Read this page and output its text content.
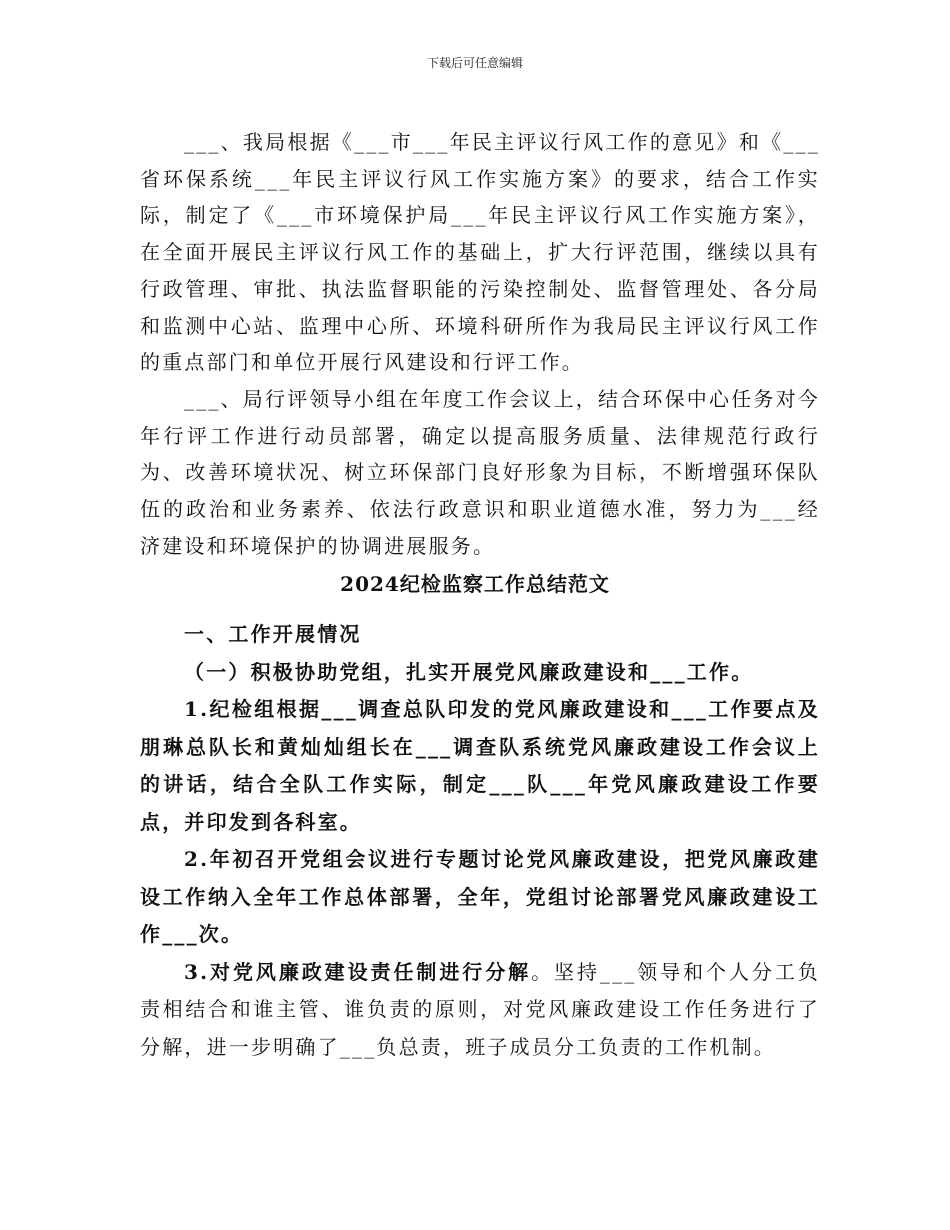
下载后可任意编辑

___、我局根据《___市___年民主评议行风工作的意见》和《___省环保系统___年民主评议行风工作实施方案》的要求，结合工作实际，制定了《___市环境保护局___年民主评议行风工作实施方案》，在全面开展民主评议行风工作的基础上，扩大行评范围，继续以具有行政管理、审批、执法监督职能的污染控制处、监督管理处、各分局和监测中心站、监理中心所、环境科研所作为我局民主评议行风工作的重点部门和单位开展行风建设和行评工作。

___、局行评领导小组在年度工作会议上，结合环保中心任务对今年行评工作进行动员部署，确定以提高服务质量、法律规范行政行为、改善环境状况、树立环保部门良好形象为目标，不断增强环保队伍的政治和业务素养、依法行政意识和职业道德水准，努力为___经济建设和环境保护的协调进展服务。

2024纪检监察工作总结范文

一、工作开展情况

（一）积极协助党组，扎实开展党风廉政建设和___工作。

1.纪检组根据___调查总队印发的党风廉政建设和___工作要点及朋琳总队长和黄灿灿组长在___调查队系统党风廉政建设工作会议上的讲话，结合全队工作实际，制定___队___年党风廉政建设工作要点，并印发到各科室。

2.年初召开党组会议进行专题讨论党风廉政建设，把党风廉政建设工作纳入全年工作总体部署，全年，党组讨论部署党风廉政建设工作___次。

3.对党风廉政建设责任制进行分解。坚持___领导和个人分工负责相结合和谁主管、谁负责的原则，对党风廉政建设工作任务进行了分解，进一步明确了___负总责，班子成员分工负责的工作机制。
